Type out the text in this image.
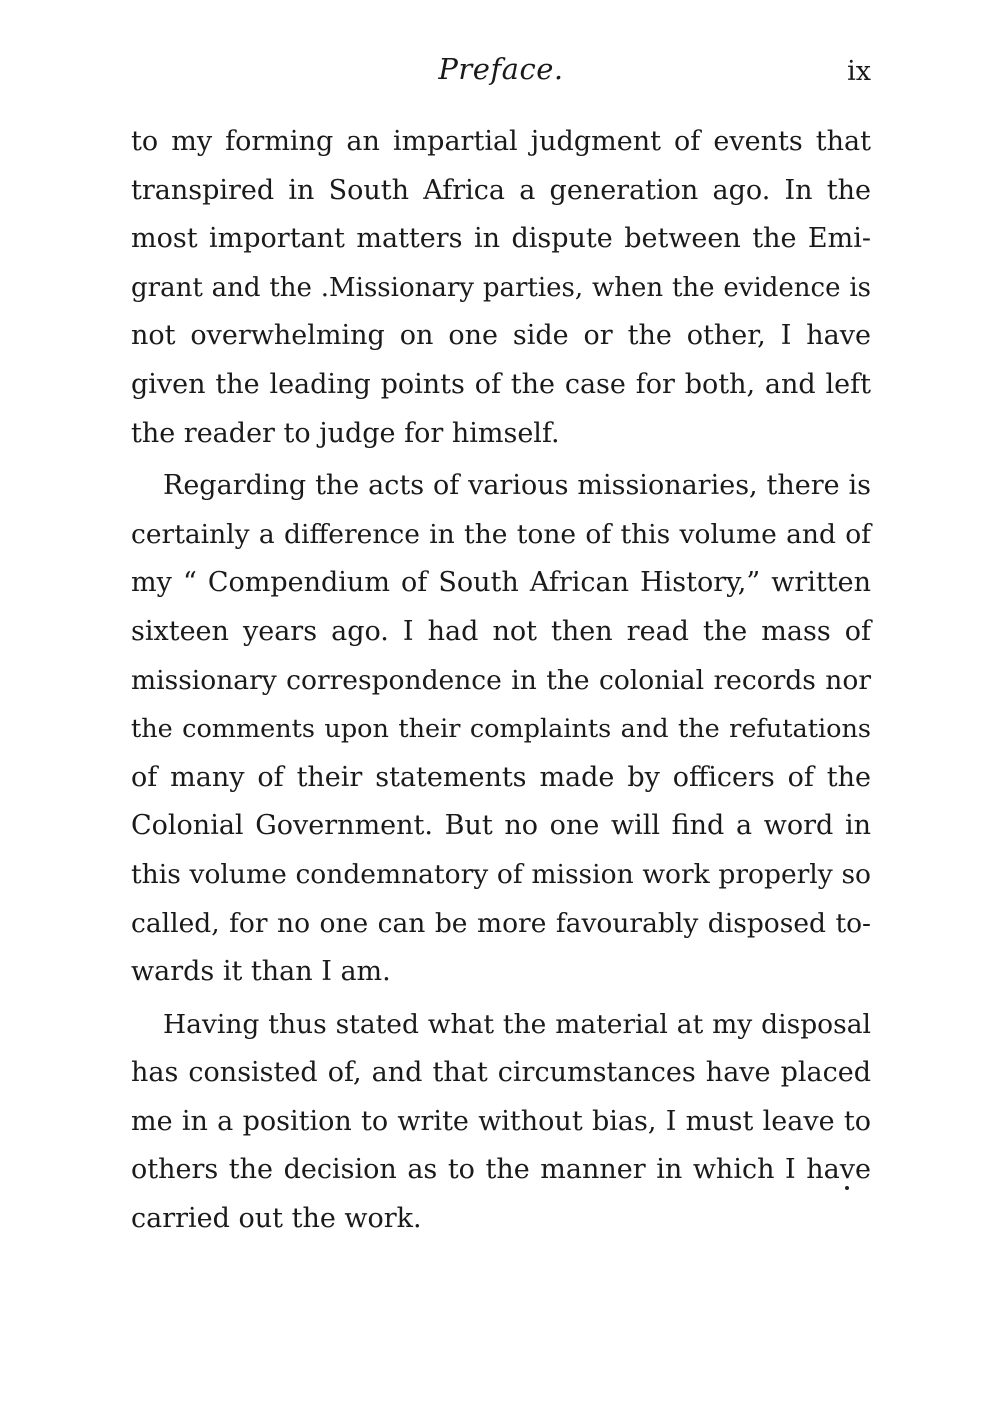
Preface.	ix

to my forming an impartial judgment of events that
transpired in South Africa a generation ago. In the
most important matters in dispute between the Emi-
grant and the .Missionary parties, when the evidence is
not overwhelming on one side or the other, I have
given the leading points of the case for both, and left
the reader to judge for himself.

Regarding the acts of various missionaries, there is
certainly a difference in the tone of this volume and of
my “ Compendium of South African History,” written
sixteen years ago. I had not then read the mass of
missionary correspondence in the colonial records nor
the comments upon their complaints and the refutations
of many of their statements made by officers of the
Colonial Government. But no one will find a word in
this volume condemnatory of mission work properly so
called, for no one can be more favourably disposed to-
wards it than I am.

Having thus stated what the material at my disposal
has consisted of, and that circumstances have placed
me in a position to write without bias, I must leave to
others the decision as to the manner in which I have
carried out the work.
